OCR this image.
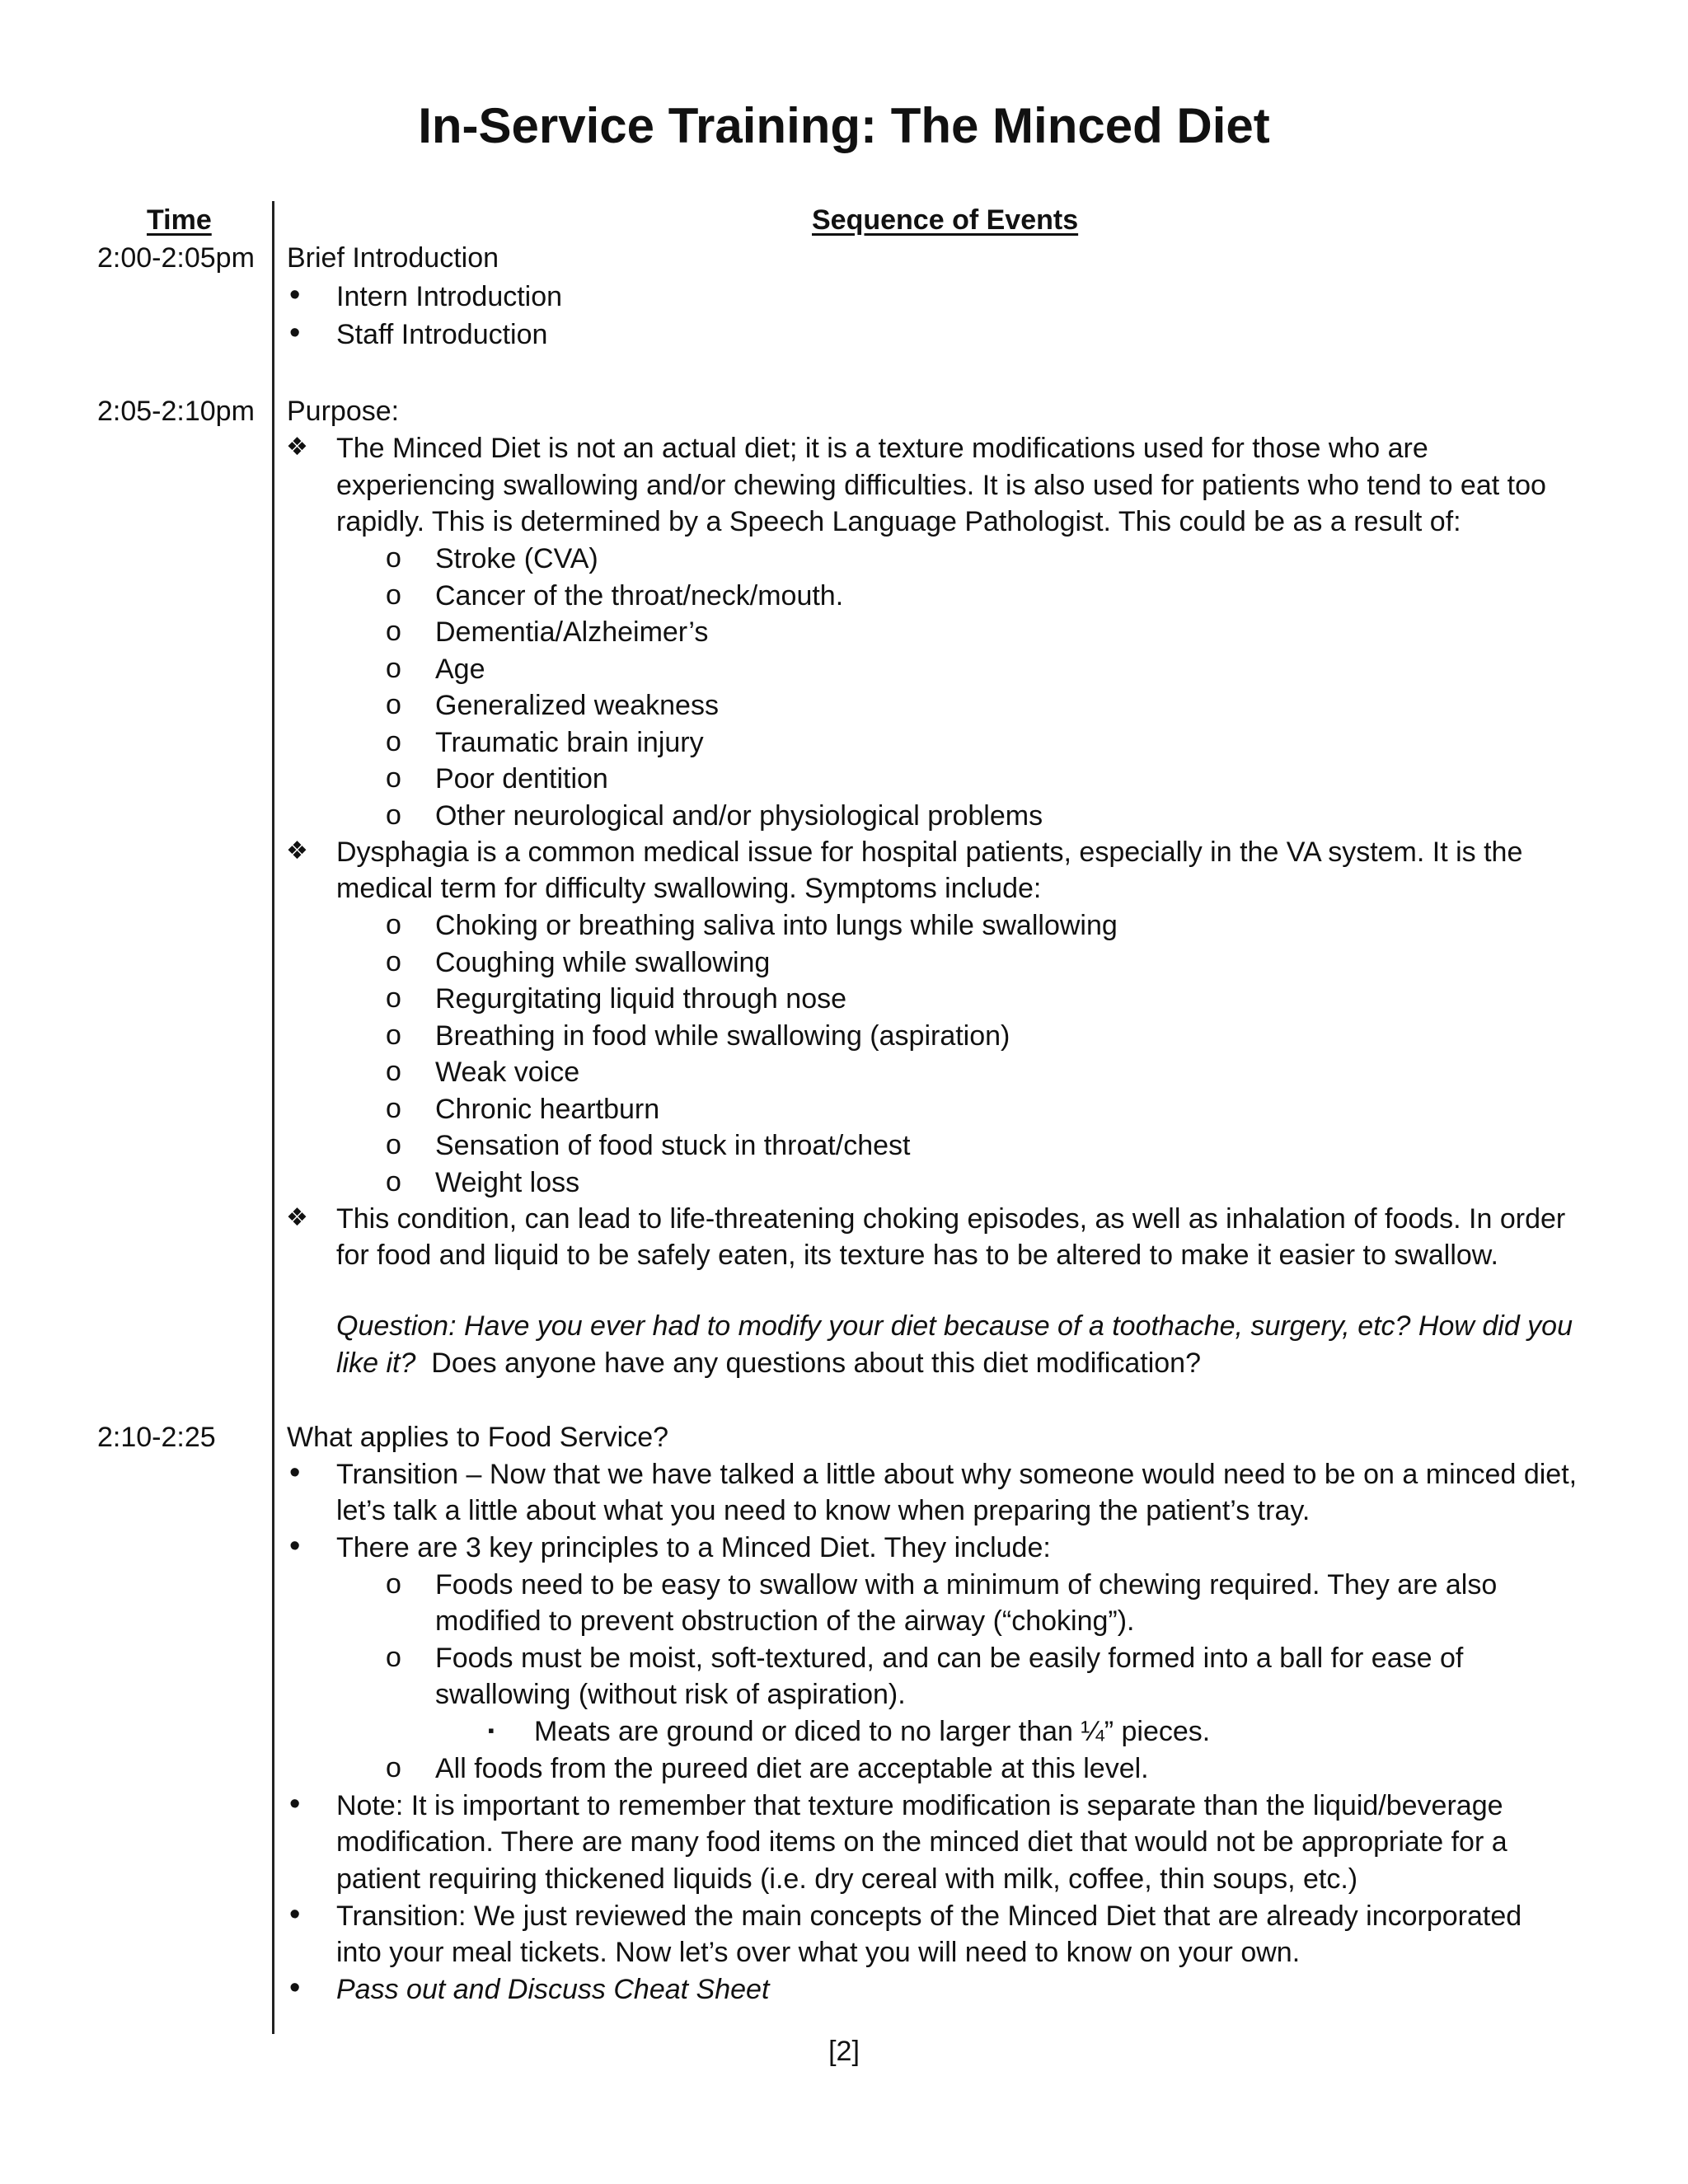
In-Service Training: The Minced Diet
Time	Sequence of Events
2:00-2:05pm Brief Introduction
• Intern Introduction
• Staff Introduction
2:05-2:10pm Purpose:
❖ The Minced Diet is not an actual diet; it is a texture modifications used for those who are
experiencing swallowing and/or chewing difficulties. It is also used for patients who tend to eat too
rapidly. This is determined by a Speech Language Pathologist. This could be as a result of:
o Stroke (CVA)
o Cancer of the throat/neck/mouth.
o Dementia/Alzheimer’s
o Age
o Generalized weakness
o Traumatic brain injury
o Poor dentition
o Other neurological and/or physiological problems
❖ Dysphagia is a common medical issue for hospital patients, especially in the VA system. It is the
medical term for difficulty swallowing. Symptoms include:
o Choking or breathing saliva into lungs while swallowing
o Coughing while swallowing
o Regurgitating liquid through nose
o Breathing in food while swallowing (aspiration)
o Weak voice
o Chronic heartburn
o Sensation of food stuck in throat/chest
o Weight loss
❖ This condition, can lead to life-threatening choking episodes, as well as inhalation of foods. In order
for food and liquid to be safely eaten, its texture has to be altered to make it easier to swallow.
Question: Have you ever had to modify your diet because of a toothache, surgery, etc? How did you
like it?  Does anyone have any questions about this diet modification?
2:10-2:25	What applies to Food Service?
• Transition – Now that we have talked a little about why someone would need to be on a minced diet,
let’s talk a little about what you need to know when preparing the patient’s tray.
• There are 3 key principles to a Minced Diet. They include:
o Foods need to be easy to swallow with a minimum of chewing required. They are also
modified to prevent obstruction of the airway (“choking”).
o Foods must be moist, soft-textured, and can be easily formed into a ball for ease of
swallowing (without risk of aspiration).
▪ Meats are ground or diced to no larger than ¼” pieces.
o All foods from the pureed diet are acceptable at this level.
• Note: It is important to remember that texture modification is separate than the liquid/beverage
modification. There are many food items on the minced diet that would not be appropriate for a
patient requiring thickened liquids (i.e. dry cereal with milk, coffee, thin soups, etc.)
• Transition: We just reviewed the main concepts of the Minced Diet that are already incorporated
into your meal tickets. Now let’s over what you will need to know on your own.
• Pass out and Discuss Cheat Sheet
[2]
